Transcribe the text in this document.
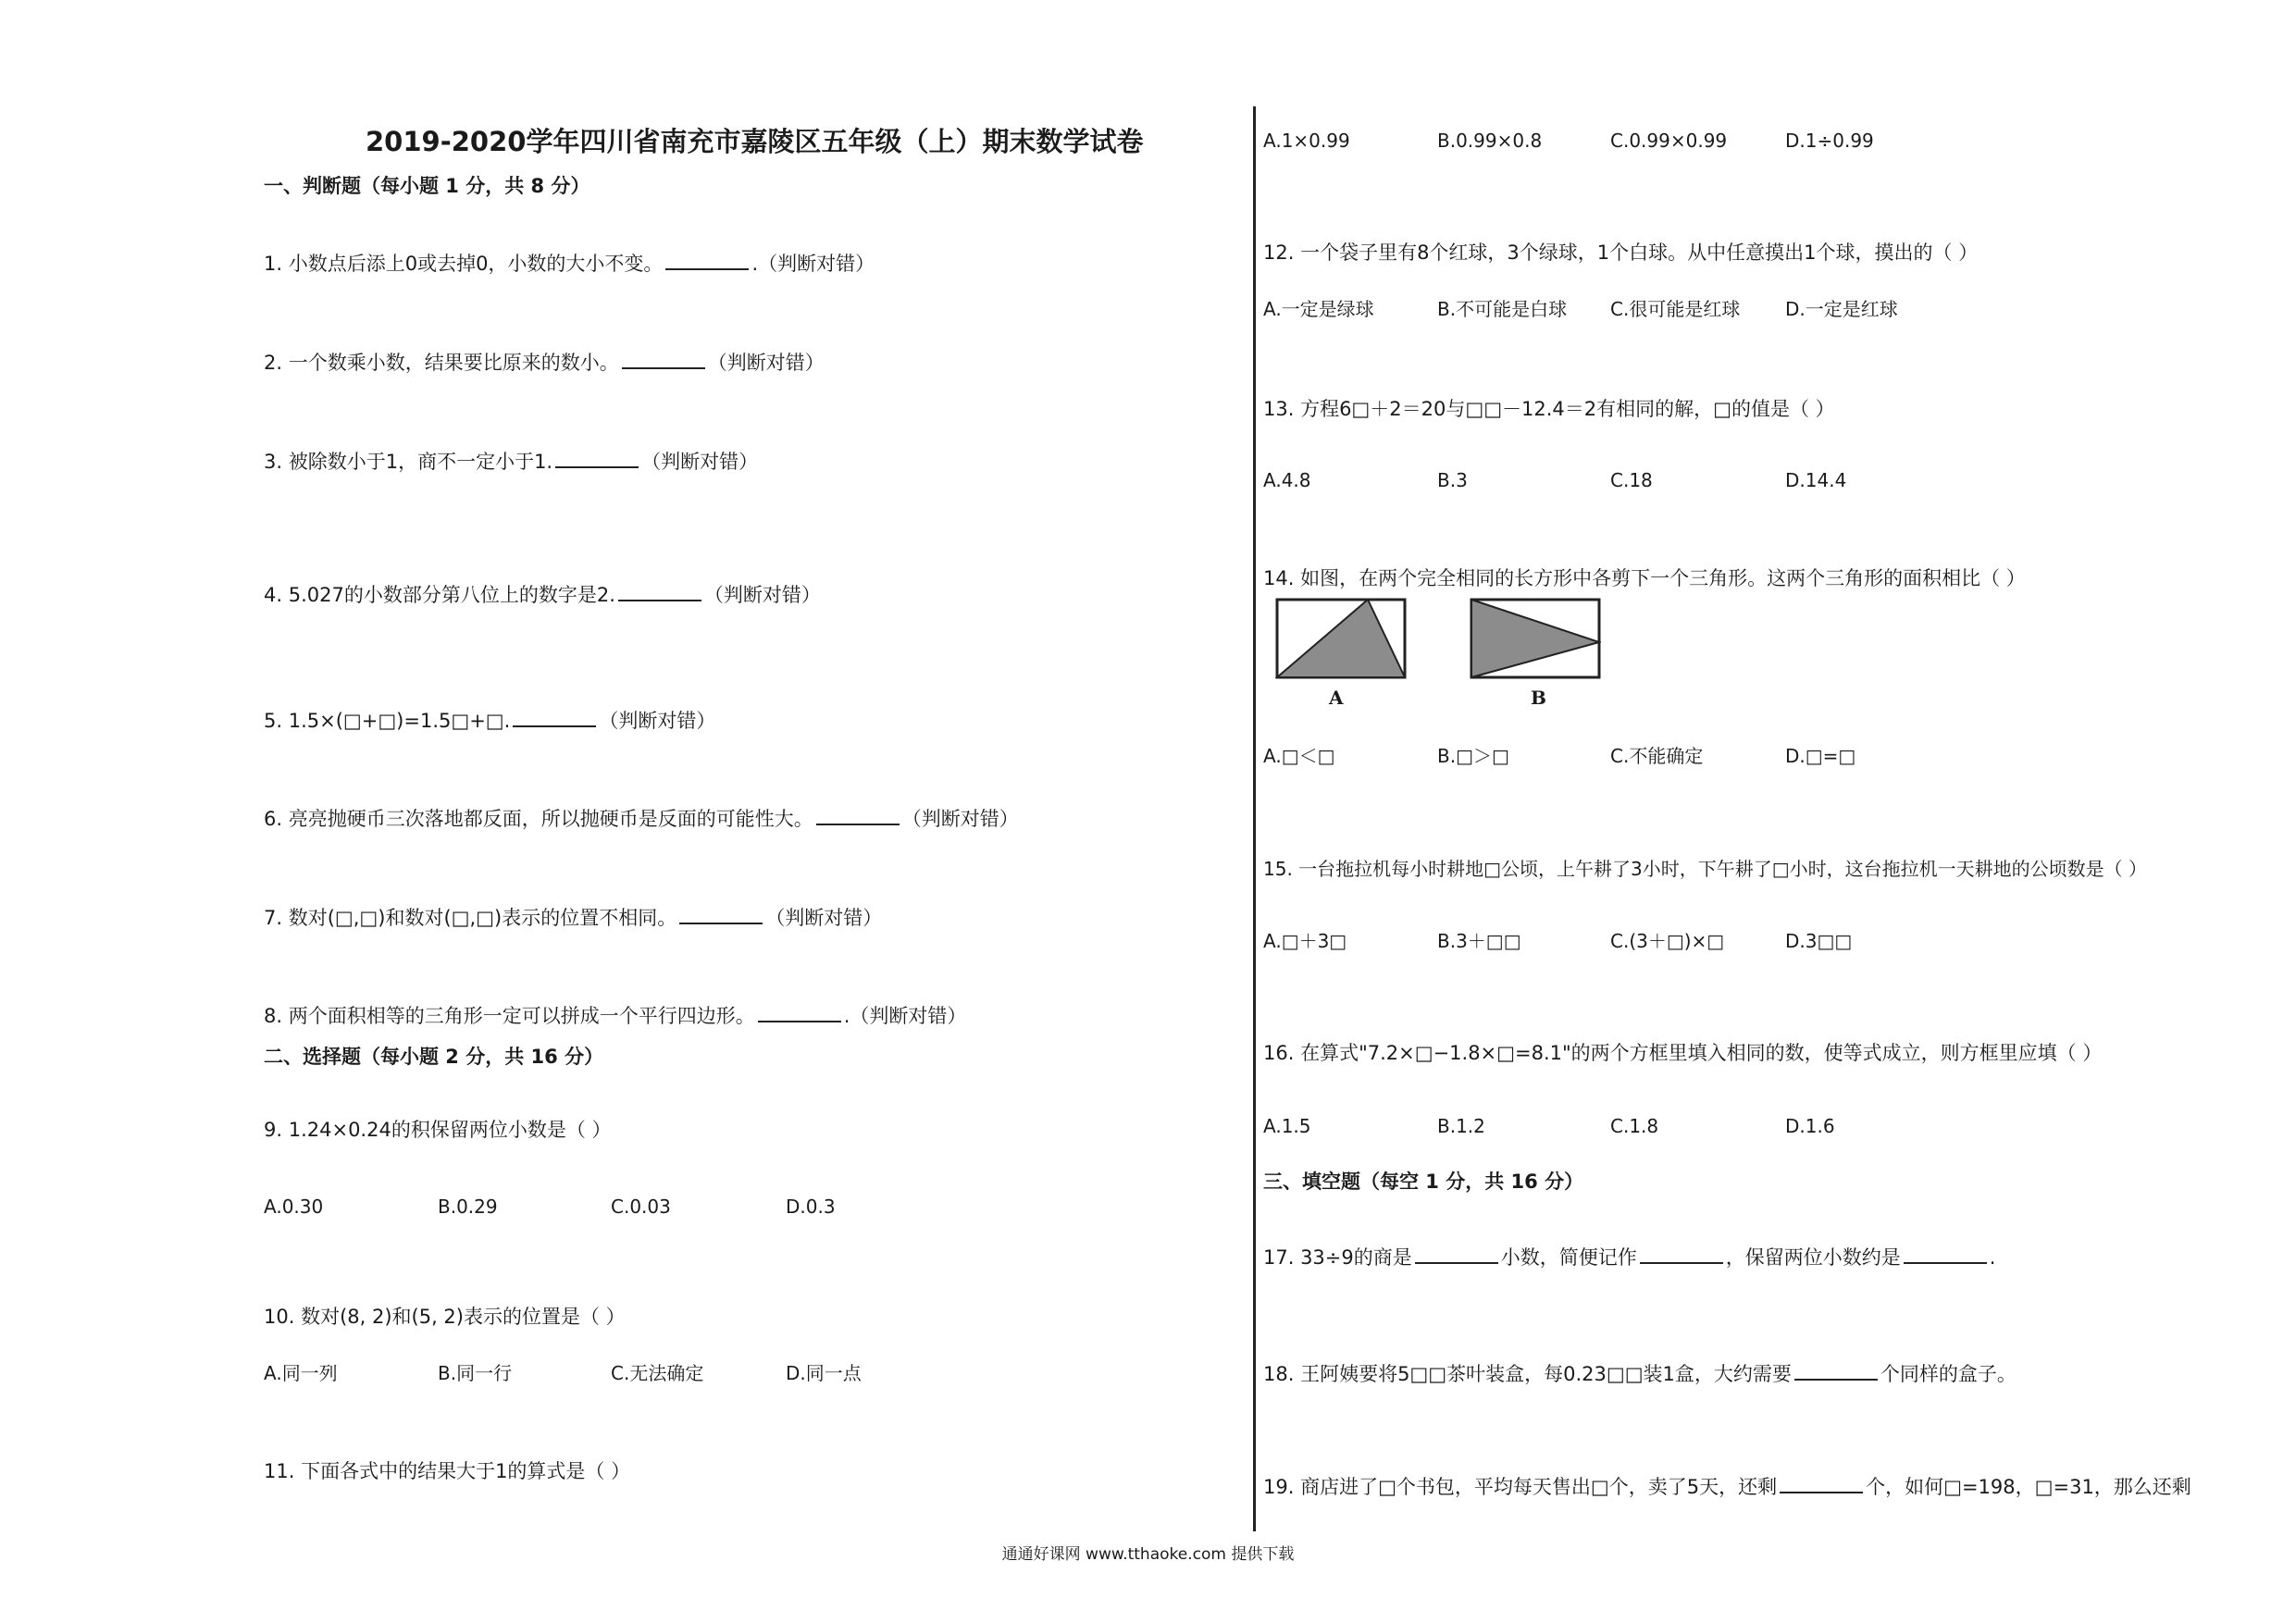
2019-2020学年四川省南充市嘉陵区五年级（上）期末数学试卷
一、判断题（每小题 1 分，共 8 分）
1. 小数点后添上0或去掉0，小数的大小不变。	.（判断对错）
2. 一个数乘小数，结果要比原来的数小。	（判断对错）
3. 被除数小于1，商不一定小于1.	（判断对错）
4. 5.027的小数部分第八位上的数字是2.	（判断对错）
5. 1.5×(□+□)=1.5□+□.	（判断对错）
6. 亮亮抛硬币三次落地都反面，所以抛硬币是反面的可能性大。	（判断对错）
7. 数对(□,□)和数对(□,□)表示的位置不相同。	（判断对错）
8. 两个面积相等的三角形一定可以拼成一个平行四边形。	.（判断对错）
二、选择题（每小题 2 分，共 16 分）
9. 1.24×0.24的积保留两位小数是（ ）
A.0.30	B.0.29	C.0.03	D.0.3
10. 数对(8, 2)和(5, 2)表示的位置是（ ）
A.同一列	B.同一行	C.无法确定	D.同一点
11. 下面各式中的结果大于1的算式是（ ）
A.1×0.99	B.0.99×0.8	C.0.99×0.99	D.1÷0.99
12. 一个袋子里有8个红球，3个绿球，1个白球。从中任意摸出1个球，摸出的（ ）
A.一定是绿球	B.不可能是白球 C.很可能是红球 D.一定是红球
13. 方程6□＋2＝20与□□－12.4＝2有相同的解，□的值是（ ）
A.4.8	B.3	C.18	D.14.4
14. 如图，在两个完全相同的长方形中各剪下一个三角形。这两个三角形的面积相比（ ）
A	B
A.□＜□	B.□＞□	C.不能确定	D.□=□
15. 一台拖拉机每小时耕地□公顷，上午耕了3小时，下午耕了□小时，这台拖拉机一天耕地的公顷数是（ ）
A.□＋3□	B.3＋□□	C.(3＋□)×□	D.3□□
16. 在算式"7.2×□−1.8×□=8.1"的两个方框里填入相同的数，使等式成立，则方框里应填（ ）
A.1.5	B.1.2	C.1.8	D.1.6
三、填空题（每空 1 分，共 16 分）
17. 33÷9的商是	小数，简便记作	，保留两位小数约是	.
18. 王阿姨要将5□□茶叶装盒，每0.23□□装1盒，大约需要	个同样的盒子。
19. 商店进了□个书包，平均每天售出□个，卖了5天，还剩	个，如何□=198，□=31，那么还剩
通通好课网 www.tthaoke.com 提供下载
